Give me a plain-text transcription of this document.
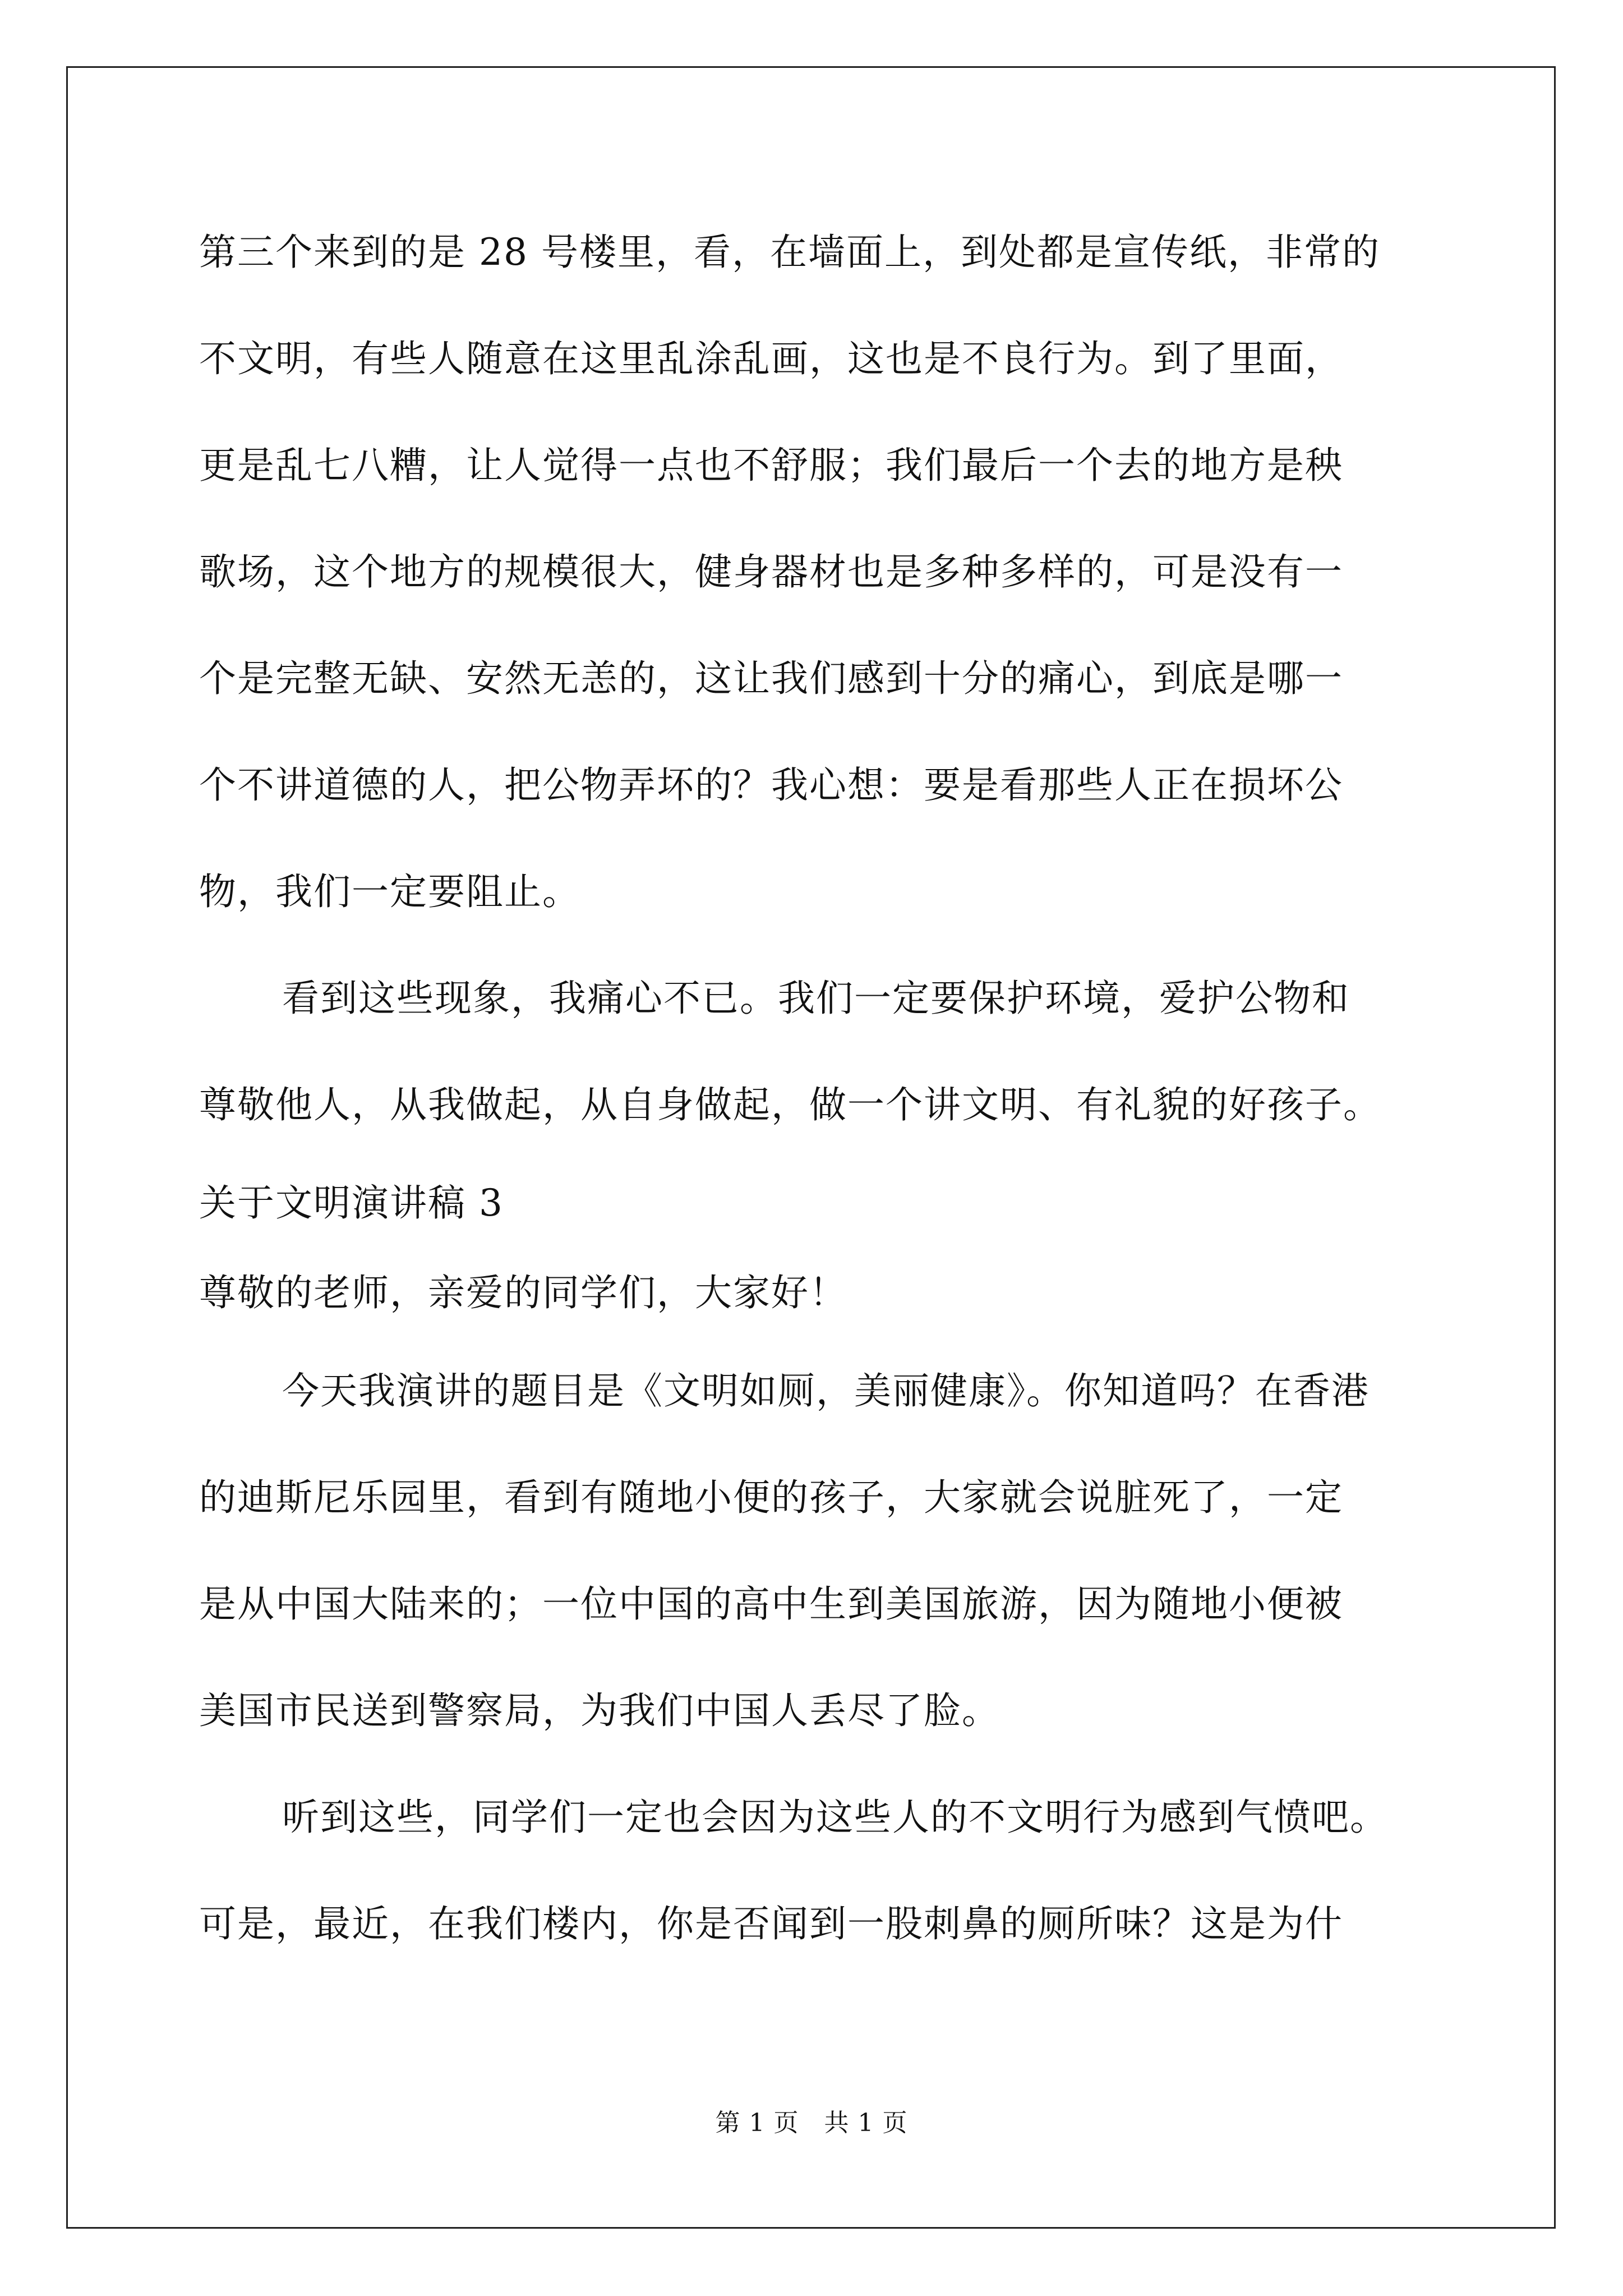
第三个来到的是 28 号楼里，看，在墙面上，到处都是宣传纸，非常的
不文明，有些人随意在这里乱涂乱画，这也是不良行为。到了里面，
更是乱七八糟，让人觉得一点也不舒服；我们最后一个去的地方是秧
歌场，这个地方的规模很大，健身器材也是多种多样的，可是没有一
个是完整无缺、安然无恙的，这让我们感到十分的痛心，到底是哪一
个不讲道德的人，把公物弄坏的？我心想：要是看那些人正在损坏公
物，我们一定要阻止。
看到这些现象，我痛心不已。我们一定要保护环境，爱护公物和
尊敬他人，从我做起，从自身做起，做一个讲文明、有礼貌的好孩子。
关于文明演讲稿 3
尊敬的老师，亲爱的同学们，大家好！
今天我演讲的题目是《文明如厕，美丽健康》。你知道吗？在香港
的迪斯尼乐园里，看到有随地小便的孩子，大家就会说脏死了，一定
是从中国大陆来的；一位中国的高中生到美国旅游，因为随地小便被
美国市民送到警察局，为我们中国人丢尽了脸。
听到这些，同学们一定也会因为这些人的不文明行为感到气愤吧。
可是，最近，在我们楼内，你是否闻到一股刺鼻的厕所味？这是为什
第 1 页　共 1 页
